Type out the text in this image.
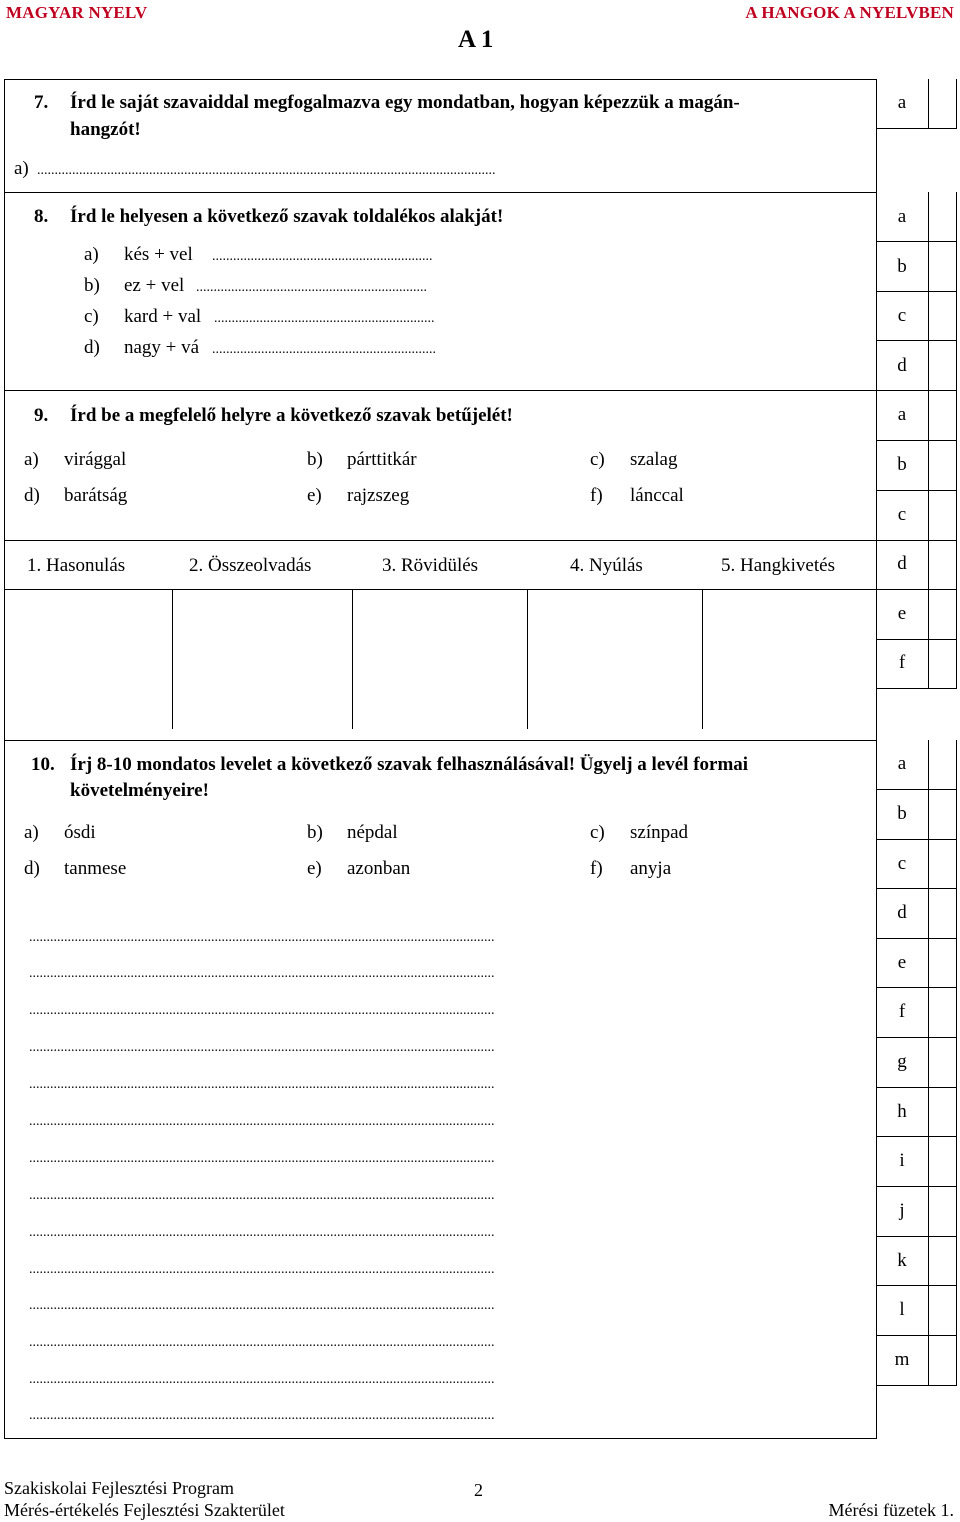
MAGYAR NYELV	A HANGOK A NYELVBEN
A 1
a
a
b
c
d
a
b
c
d
e
f
a
b
c
d
e
f
g
h
i
j
k
l
m
7. Írd le saját szavaiddal megfogalmazva egy mondatban, hogyan képezzük a magán-
hangzót!
a) ...................................................................................................................................
8. Írd le helyesen a következő szavak toldalékos alakját!
a) kés + vel ...............................................................
b) ez + vel ..................................................................
c) kard + val ...............................................................
d) nagy + vá ................................................................
9. Írd be a megfelelő helyre a következő szavak betűjelét!
a) virággal	b) párttitkár	c) szalag
d) barátság	e) rajzszeg	f) lánccal
1. Hasonulás	2. Összeolvadás	3. Rövidülés	4. Nyúlás	5. Hangkivetés
10. Írj 8-10 mondatos levelet a következő szavak felhasználásával! Ügyelj a levél formai
követelményeire!
a) ósdi	b) népdal	c) színpad
d) tanmese	e) azonban	f) anyja
.....................................................................................................................................
.....................................................................................................................................
.....................................................................................................................................
.....................................................................................................................................
.....................................................................................................................................
.....................................................................................................................................
.....................................................................................................................................
.....................................................................................................................................
.....................................................................................................................................
.....................................................................................................................................
.....................................................................................................................................
.....................................................................................................................................
.....................................................................................................................................
.....................................................................................................................................
Szakiskolai Fejlesztési Program
Mérés-értékelés Fejlesztési Szakterület
2
Mérési füzetek 1.
